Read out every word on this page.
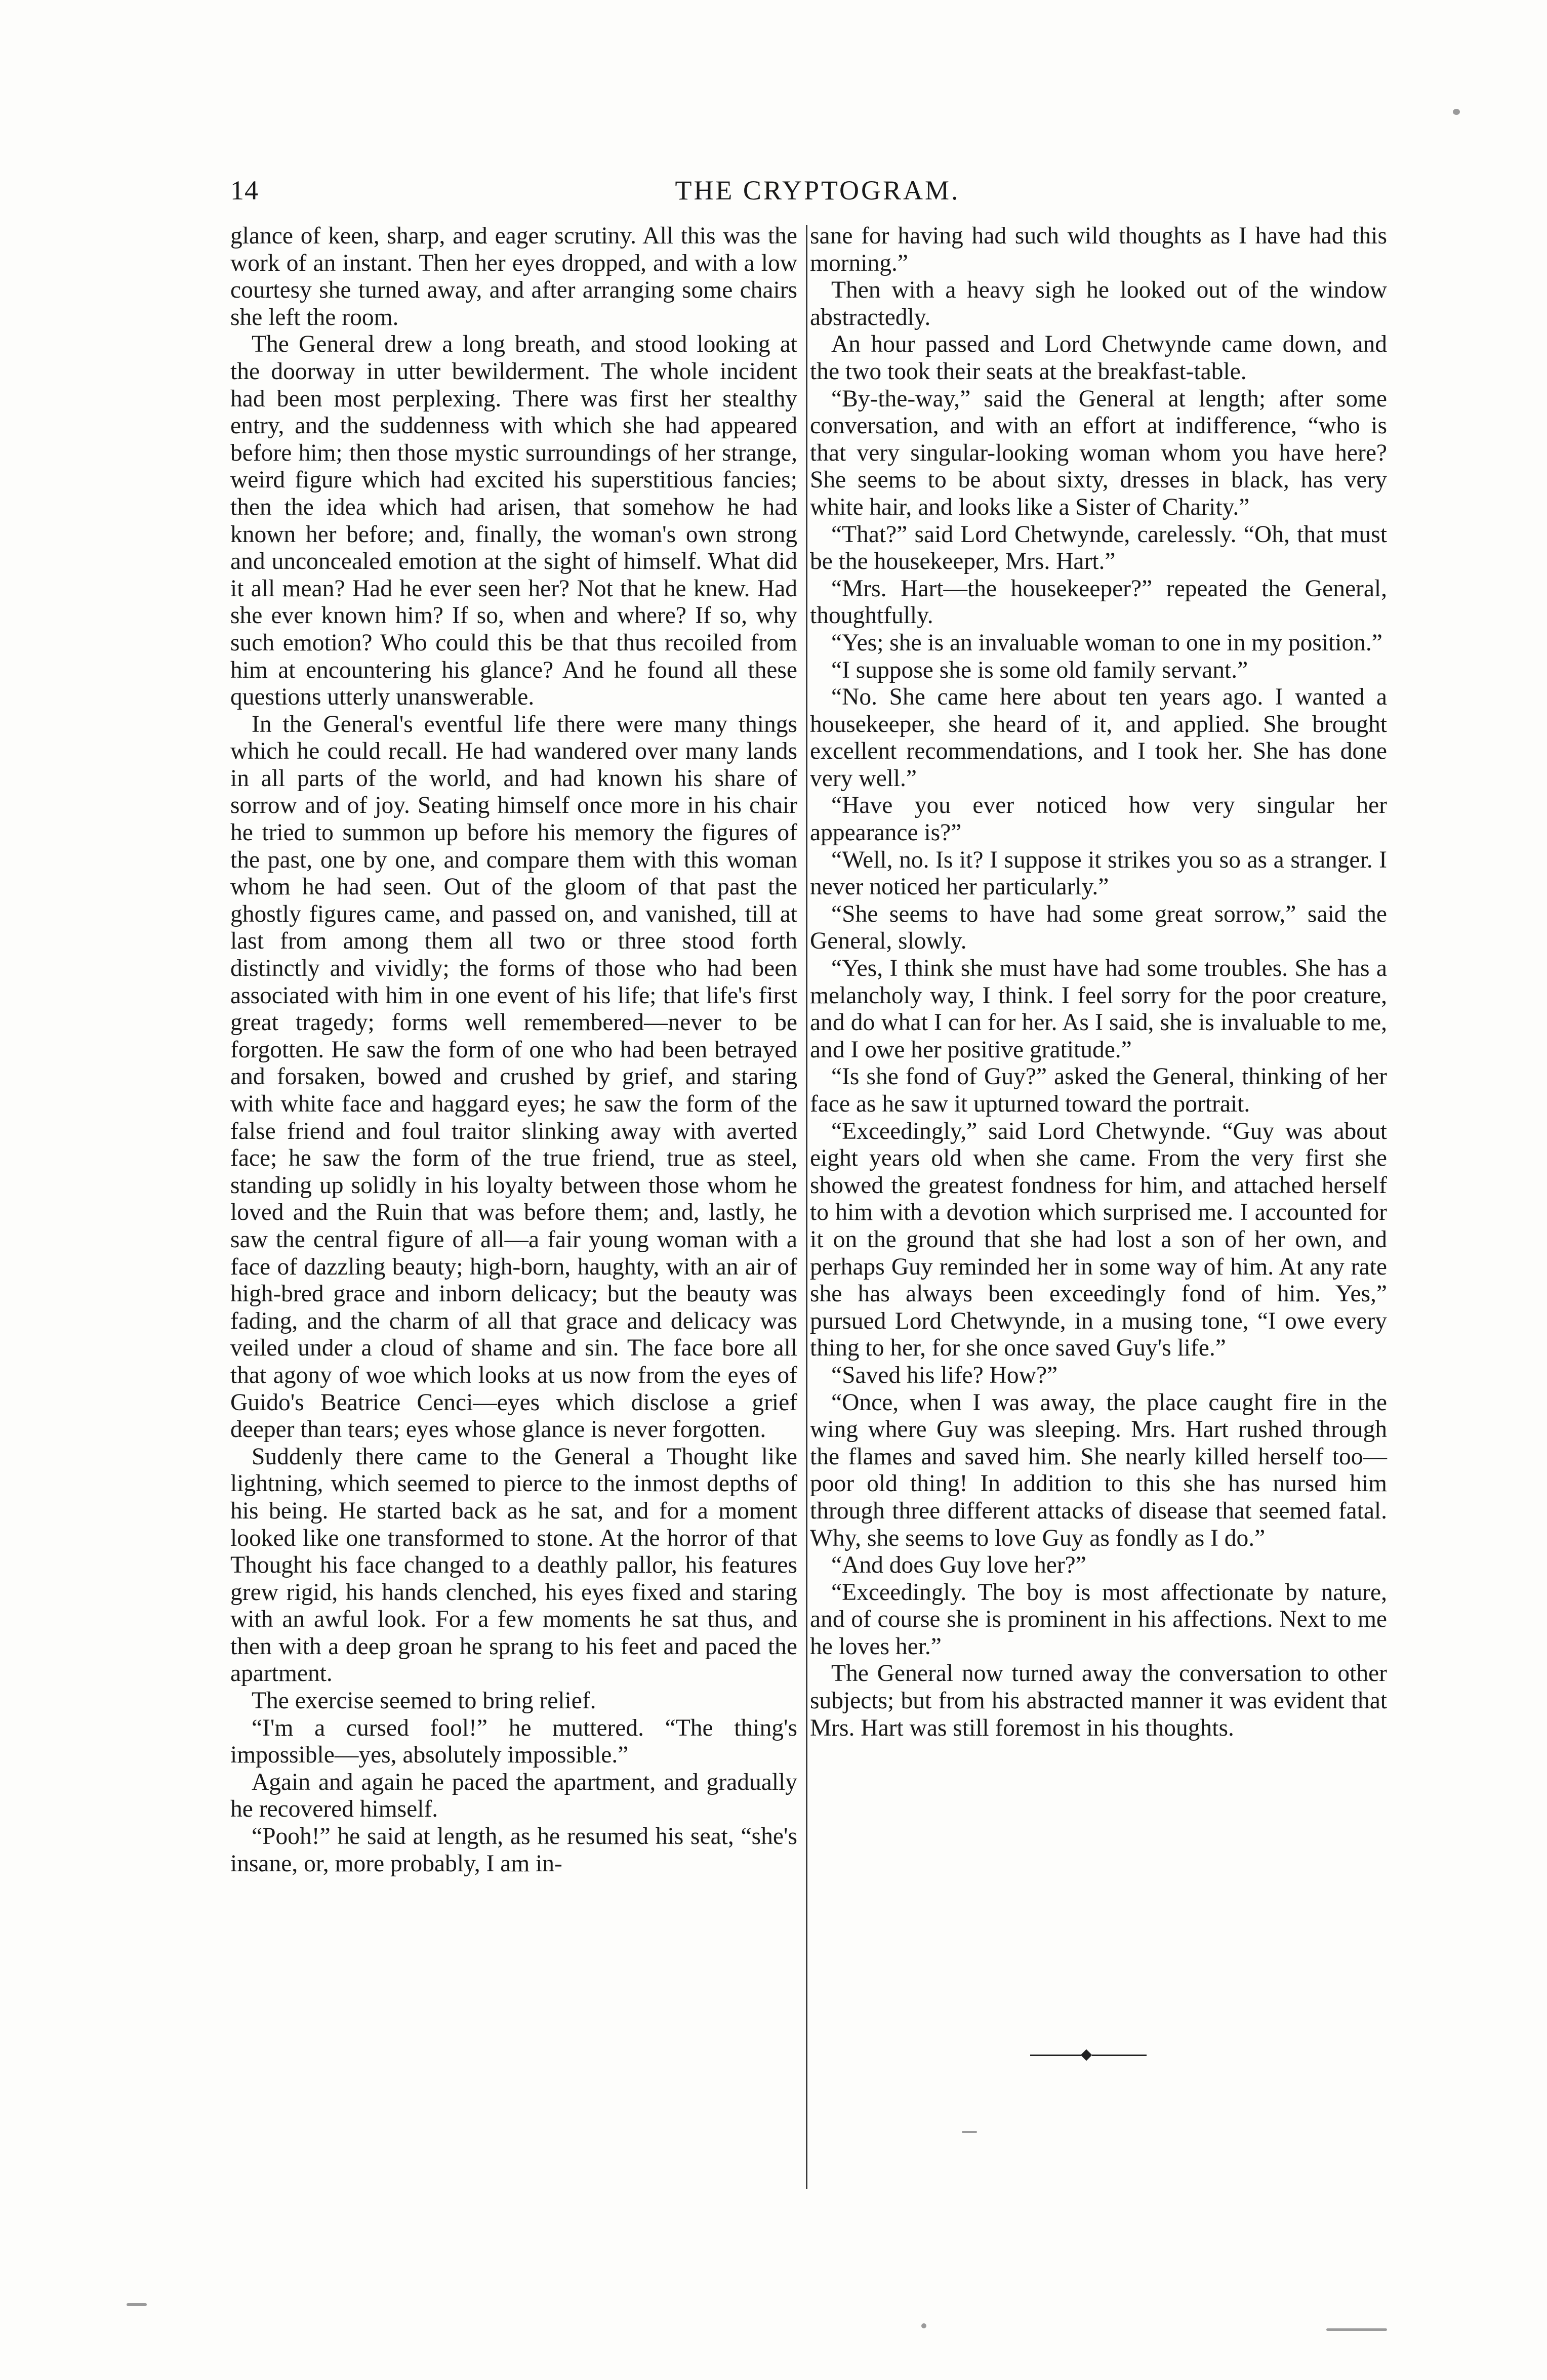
14	THE CRYPTOGRAM.

glance of keen, sharp, and eager scrutiny. All this was the work of an instant. Then her eyes dropped, and with a low courtesy she turned away, and after arranging some chairs she left the room.

The General drew a long breath, and stood looking at the doorway in utter bewilderment. The whole incident had been most perplexing. There was first her stealthy entry, and the suddenness with which she had appeared before him; then those mystic surroundings of her strange, weird figure which had excited his superstitious fancies; then the idea which had arisen, that somehow he had known her before; and, finally, the woman's own strong and unconcealed emotion at the sight of himself. What did it all mean? Had he ever seen her? Not that he knew. Had she ever known him? If so, when and where? If so, why such emotion? Who could this be that thus recoiled from him at encountering his glance? And he found all these questions utterly unanswerable.

In the General's eventful life there were many things which he could recall. He had wandered over many lands in all parts of the world, and had known his share of sorrow and of joy. Seating himself once more in his chair he tried to summon up before his memory the figures of the past, one by one, and compare them with this woman whom he had seen. Out of the gloom of that past the ghostly figures came, and passed on, and vanished, till at last from among them all two or three stood forth distinctly and vividly; the forms of those who had been associated with him in one event of his life; that life's first great tragedy; forms well remembered—never to be forgotten. He saw the form of one who had been betrayed and forsaken, bowed and crushed by grief, and staring with white face and haggard eyes; he saw the form of the false friend and foul traitor slinking away with averted face; he saw the form of the true friend, true as steel, standing up solidly in his loyalty between those whom he loved and the Ruin that was before them; and, lastly, he saw the central figure of all—a fair young woman with a face of dazzling beauty; high-born, haughty, with an air of high-bred grace and inborn delicacy; but the beauty was fading, and the charm of all that grace and delicacy was veiled under a cloud of shame and sin. The face bore all that agony of woe which looks at us now from the eyes of Guido's Beatrice Cenci—eyes which disclose a grief deeper than tears; eyes whose glance is never forgotten.

Suddenly there came to the General a Thought like lightning, which seemed to pierce to the inmost depths of his being. He started back as he sat, and for a moment looked like one transformed to stone. At the horror of that Thought his face changed to a deathly pallor, his features grew rigid, his hands clenched, his eyes fixed and staring with an awful look. For a few moments he sat thus, and then with a deep groan he sprang to his feet and paced the apartment.

The exercise seemed to bring relief.

“I'm a cursed fool!” he muttered. “The thing's impossible—yes, absolutely impossible.”

Again and again he paced the apartment, and gradually he recovered himself.

“Pooh!” he said at length, as he resumed his seat, “she's insane, or, more probably, I am in-

sane for having had such wild thoughts as I have had this morning.”

Then with a heavy sigh he looked out of the window abstractedly.

An hour passed and Lord Chetwynde came down, and the two took their seats at the breakfast-table.

“By-the-way,” said the General at length; after some conversation, and with an effort at indifference, “who is that very singular-looking woman whom you have here? She seems to be about sixty, dresses in black, has very white hair, and looks like a Sister of Charity.”

“That?” said Lord Chetwynde, carelessly. “Oh, that must be the housekeeper, Mrs. Hart.”

“Mrs. Hart—the housekeeper?” repeated the General, thoughtfully.

“Yes; she is an invaluable woman to one in my position.”

“I suppose she is some old family servant.”

“No. She came here about ten years ago. I wanted a housekeeper, she heard of it, and applied. She brought excellent recommendations, and I took her. She has done very well.”

“Have you ever noticed how very singular her appearance is?”

“Well, no. Is it? I suppose it strikes you so as a stranger. I never noticed her particularly.”

“She seems to have had some great sorrow,” said the General, slowly.

“Yes, I think she must have had some troubles. She has a melancholy way, I think. I feel sorry for the poor creature, and do what I can for her. As I said, she is invaluable to me, and I owe her positive gratitude.”

“Is she fond of Guy?” asked the General, thinking of her face as he saw it upturned toward the portrait.

“Exceedingly,” said Lord Chetwynde. “Guy was about eight years old when she came. From the very first she showed the greatest fondness for him, and attached herself to him with a devotion which surprised me. I accounted for it on the ground that she had lost a son of her own, and perhaps Guy reminded her in some way of him. At any rate she has always been exceedingly fond of him. Yes,” pursued Lord Chetwynde, in a musing tone, “I owe every thing to her, for she once saved Guy's life.”

“Saved his life? How?”

“Once, when I was away, the place caught fire in the wing where Guy was sleeping. Mrs. Hart rushed through the flames and saved him. She nearly killed herself too—poor old thing! In addition to this she has nursed him through three different attacks of disease that seemed fatal. Why, she seems to love Guy as fondly as I do.”

“And does Guy love her?”

“Exceedingly. The boy is most affectionate by nature, and of course she is prominent in his affections. Next to me he loves her.”

The General now turned away the conversation to other subjects; but from his abstracted manner it was evident that Mrs. Hart was still foremost in his thoughts.
